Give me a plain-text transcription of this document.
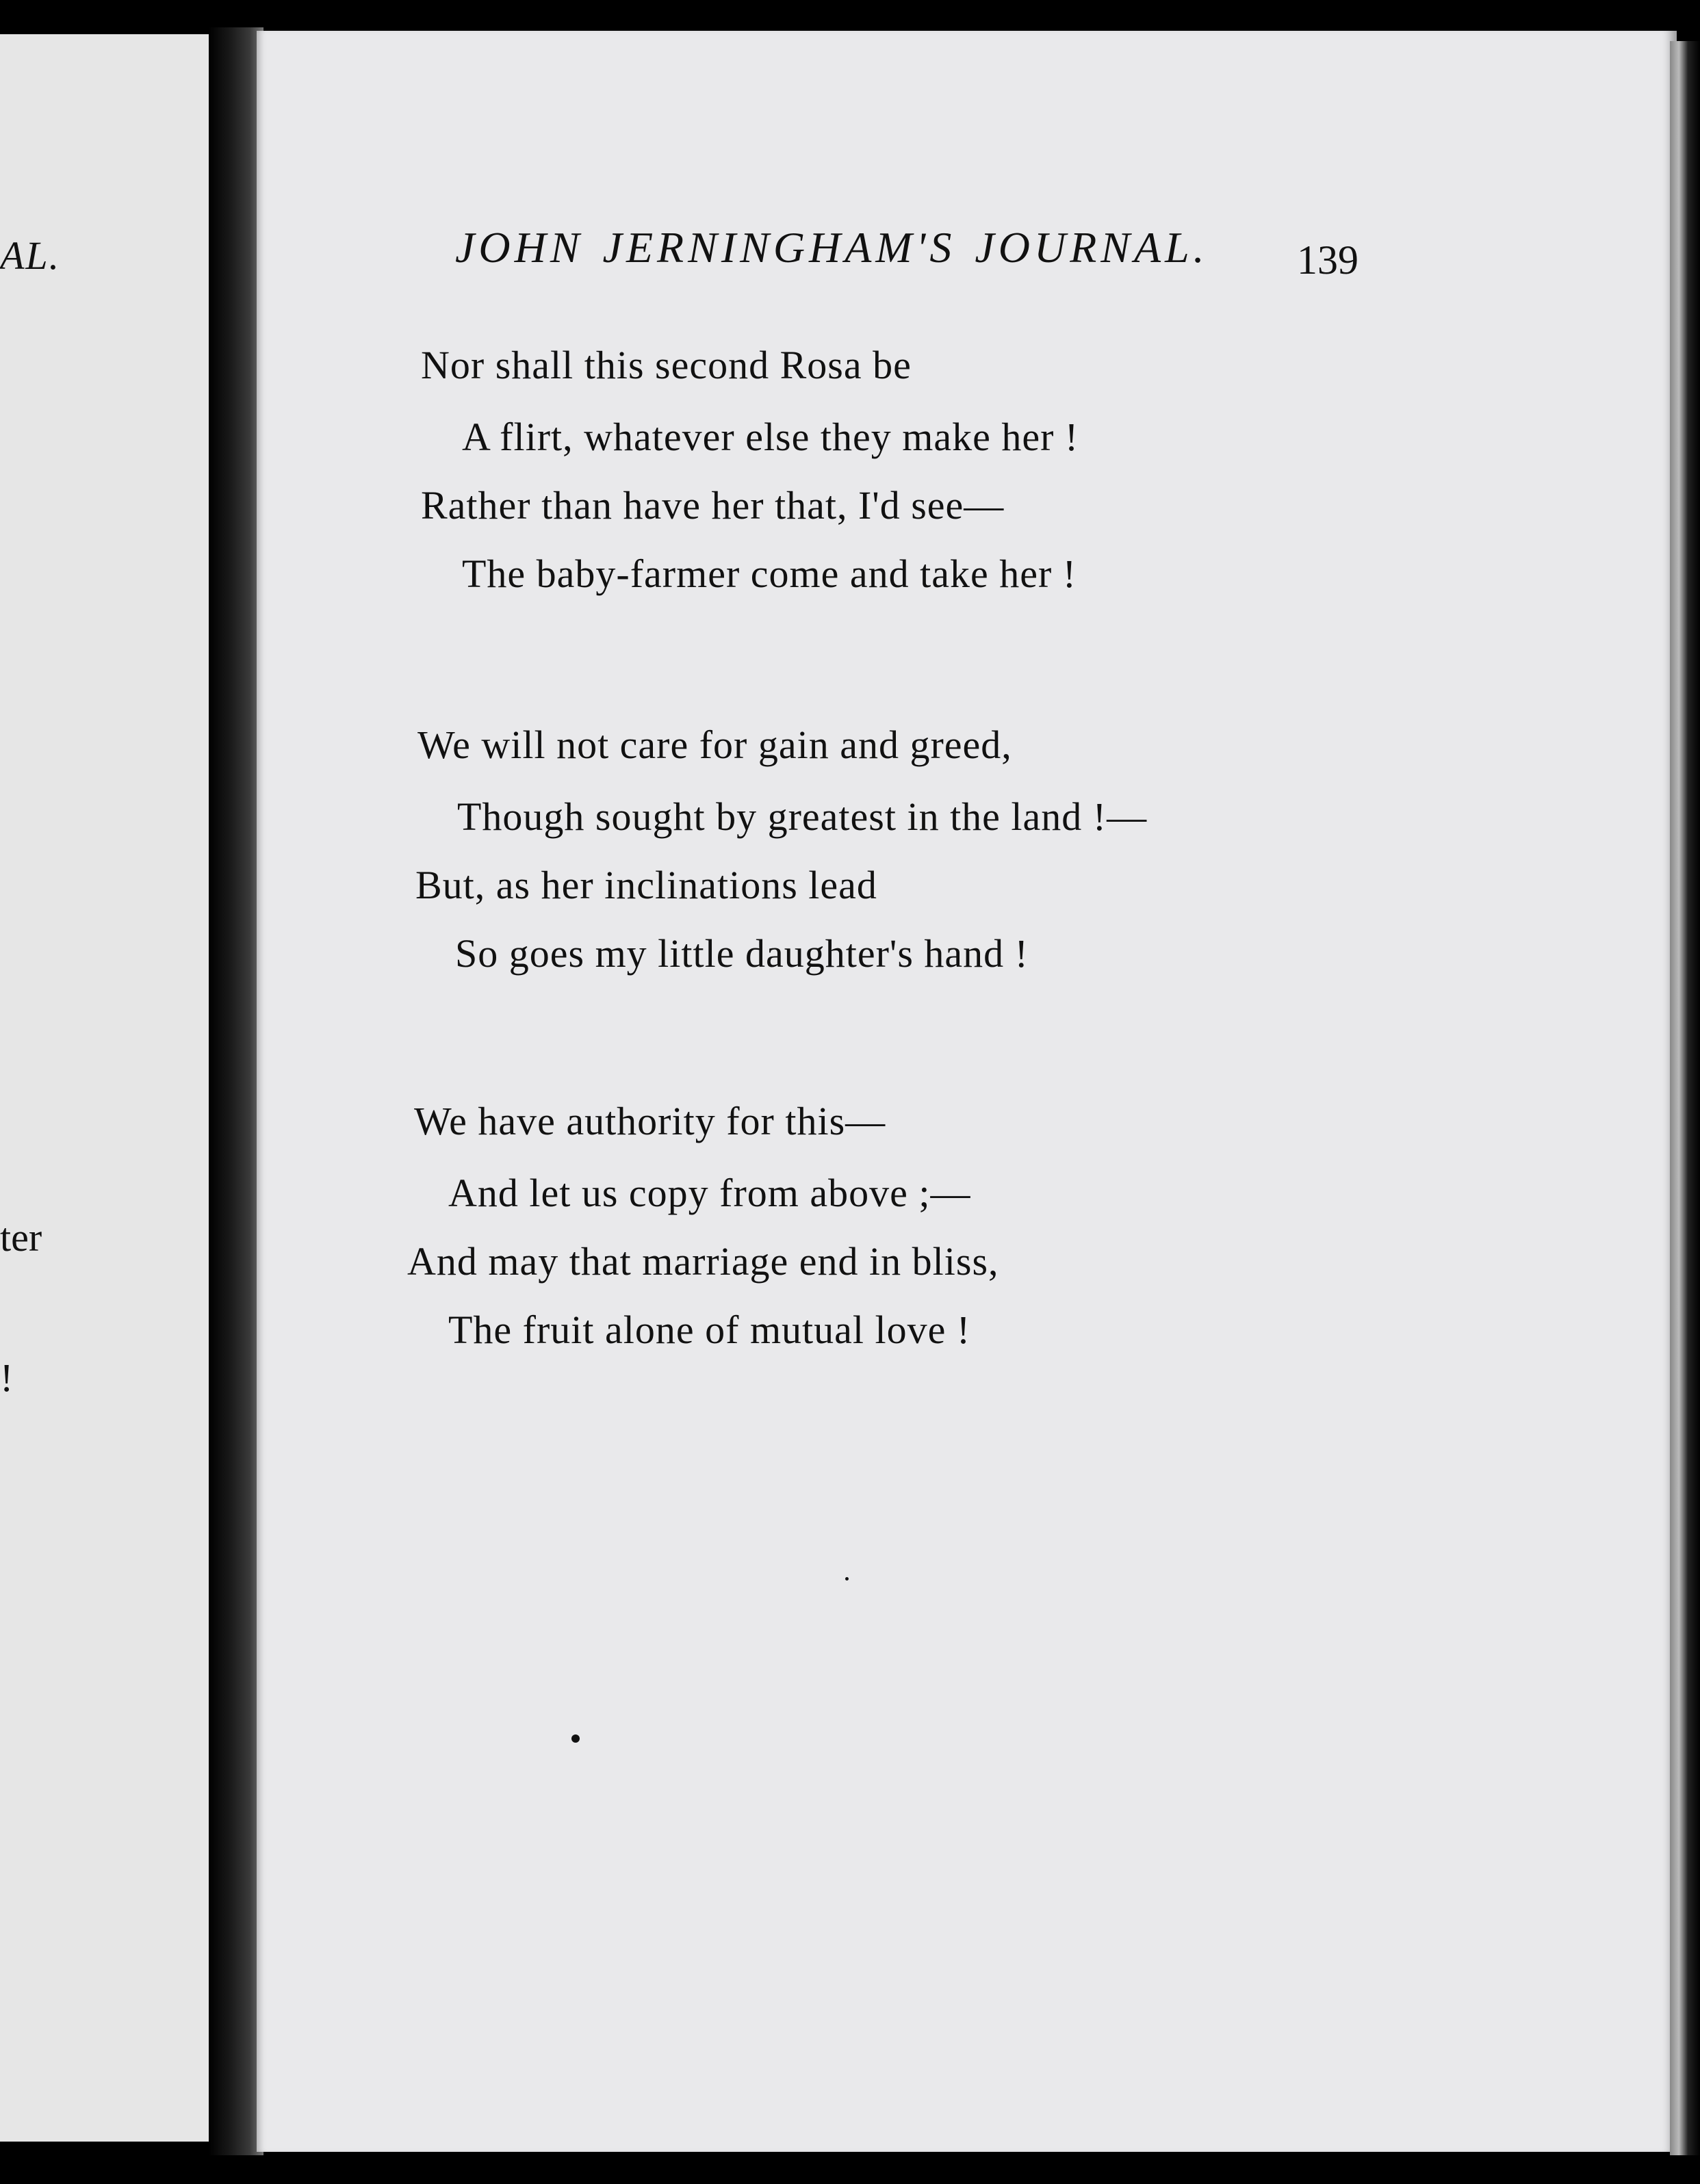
AL.
ter
!
JOHN JERNINGHAM'S JOURNAL. 139
Nor shall this second Rosa be
A flirt, whatever else they make her !
Rather than have her that, I'd see—
The baby-farmer come and take her !
We will not care for gain and greed,
Though sought by greatest in the land !—
But, as her inclinations lead
So goes my little daughter's hand !
We have authority for this—
And let us copy from above ;—
And may that marriage end in bliss,
The fruit alone of mutual love !
